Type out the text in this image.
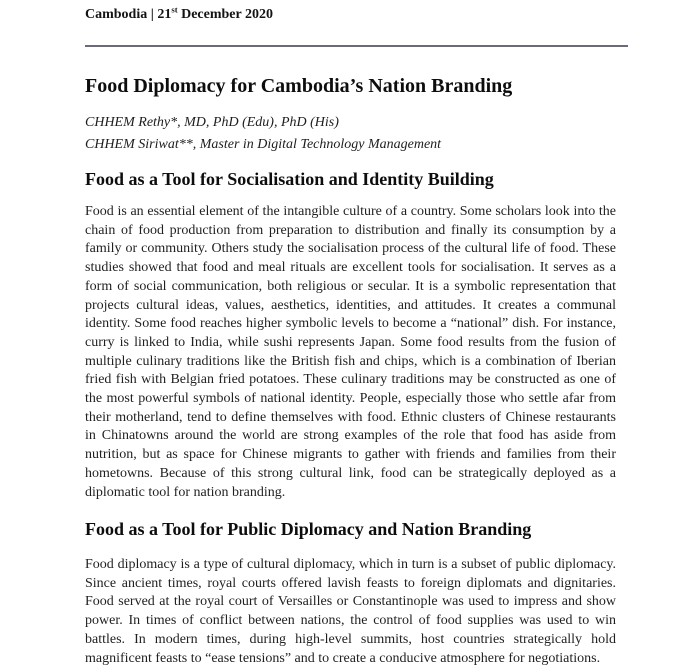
Cambodia | 21st December 2020
Food Diplomacy for Cambodia’s Nation Branding
CHHEM Rethy*, MD, PhD (Edu), PhD (His)
CHHEM Siriwat**, Master in Digital Technology Management
Food as a Tool for Socialisation and Identity Building

Food is an essential element of the intangible culture of a country. Some scholars look into the chain of food production from preparation to distribution and finally its consumption by a family or community. Others study the socialisation process of the cultural life of food. These studies showed that food and meal rituals are excellent tools for socialisation. It serves as a form of social communication, both religious or secular. It is a symbolic representation that projects cultural ideas, values, aesthetics, identities, and attitudes. It creates a communal identity. Some food reaches higher symbolic levels to become a “national” dish. For instance, curry is linked to India, while sushi represents Japan. Some food results from the fusion of multiple culinary traditions like the British fish and chips, which is a combination of Iberian fried fish with Belgian fried potatoes. These culinary traditions may be constructed as one of the most powerful symbols of national identity. People, especially those who settle afar from their motherland, tend to define themselves with food. Ethnic clusters of Chinese restaurants in Chinatowns around the world are strong examples of the role that food has aside from nutrition, but as space for Chinese migrants to gather with friends and families from their hometowns. Because of this strong cultural link, food can be strategically deployed as a diplomatic tool for nation branding.

Food as a Tool for Public Diplomacy and Nation Branding

Food diplomacy is a type of cultural diplomacy, which in turn is a subset of public diplomacy. Since ancient times, royal courts offered lavish feasts to foreign diplomats and dignitaries. Food served at the royal court of Versailles or Constantinople was used to impress and show power. In times of conflict between nations, the control of food supplies was used to win battles. In modern times, during high-level summits, host countries strategically hold magnificent feasts to “ease tensions” and to create a conducive atmosphere for negotiations.
